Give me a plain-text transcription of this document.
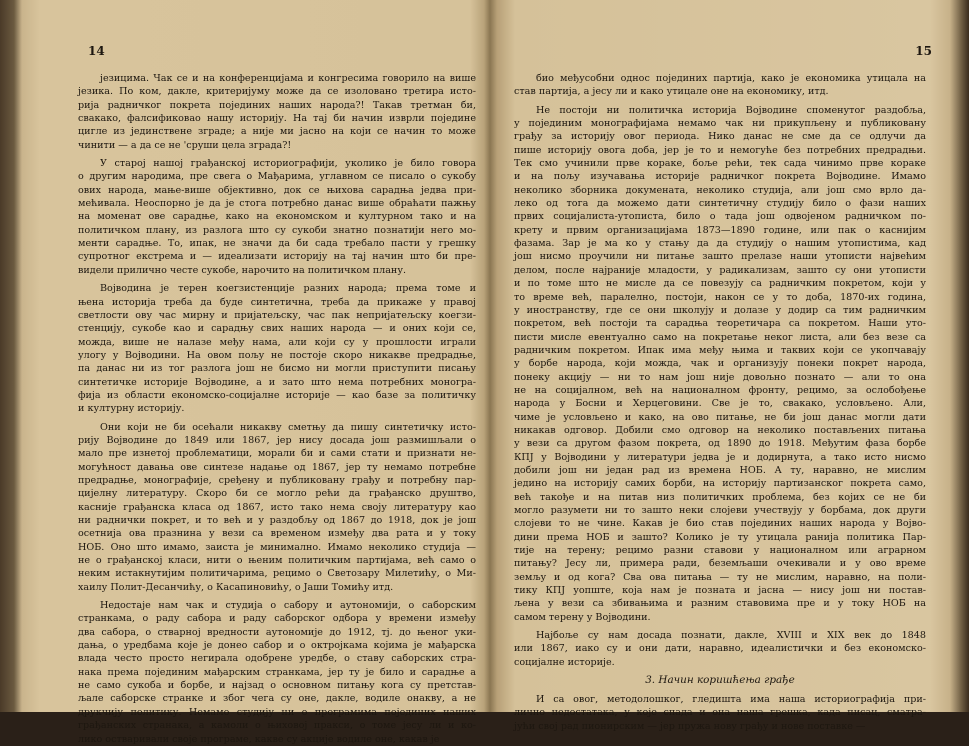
14
језицима. Чак се и на конференцијама и конгресима говорило на више
језика. По ком, дакле, критеријуму може да се изоловано третира исто-
рија радничког покрета појединих наших народа?! Такав третман би,
свакако, фалсификовао нашу историју. На тај би начин изврли поједине
цигле из јединствене зграде; а није ми јасно на који се начин то може
чинити — а да се не 'сруши цела зграда?!
У старој нашој грађанској историографији, уколико је било говора
о другим народима, пре свега о Мађарима, углавном се писало о сукобу
ових народа, мање-више објективно, док се њихова сарадња једва при-
мећивала. Неоспорно је да је стога потребно данас више обраћати пажњу
на моменат ове сарадње, како на економском и културном тако и на
политичком плану, из разлога што су сукоби знатно познатији него мо-
менти сарадње. То, ипак, не значи да би сада требало пасти у грешку
супротног екстрема и — идеализати историју на тај начин што би пре-
видели прилично честе сукобе, нарочито на политичком плану.
Војводина је терен коегзистенције разних народа; према томе и
њена историја треба да буде синтетична, треба да прикаже у правој
светлости ову час мирну и пријатељску, час пак непријатељску коегзи-
стенцију, сукобе као и сарадњу свих наших народа — и оних који се,
можда, више не налазе међу нама, али који су у прошлости играли
улогу у Војводини. На овом пољу не постоје скоро никакве предрадње,
па данас ни из тог разлога још не бисмо ни могли приступити писању
синтетичке историје Војводине, а и зато што нема потребних моногра-
фија из области економско-социјалне историје — као базе за политичку
и културну историју.
Они који не би осећали никакву сметњу да пишу синтетичку исто-
рију Војводине до 1849 или 1867, јер нису досада још размишљали о
мало пре изнетој проблематици, морали би и сами стати и признати не-
могућност давања ове синтезе надање од 1867, јер ту немамо потребне
предрадње, монографије, сређену и публиковану грађу и потребну пар-
цијелну литературу. Скоро би се могло рећи да грађанско друштво,
касније грађанска класа од 1867, исто тако нема своју литературу као
ни раднички покрет, и то већ и у раздобљу од 1867 до 1918, док је још
осетнија ова празнина у вези са временом између два рата и у току
НОБ. Оно што имамо, заиста је минимално. Имамо неколико студија —
не о грађанској класи, нити о њеним политичким партијама, већ само о
неким истакнутијим политичарима, рецимо о Светозару Милетићу, о Ми-
хаилу Полит-Десанчићу, о Касапиновићу, о Јаши Томићу итд.
Недостаје нам чак и студија о сабору и аутономији, о саборским
странкама, о раду сабора и раду саборског одбора у времени између
два сабора, о стварној вредности аутономије до 1912, тј. до њеног уки-
дања, о уредбама које је донео сабор и о октројкама којима је мађарска
влада често просто негирала одобрене уредбе, о ставу саборских стра-
нака према појединим мађарским странкама, јер ту је било и сарадње а
не само сукоба и борбе, и најзад о основном питању кога су претстав-
љале саборске странке и због чега су оне, дакле, водиле онакву, а не
друкчију политику. Немамо студију ни о програмима појединих наших
грађанских странака, а камоли о њиховој пракси, о томе јесу ли и ко-
лико остваривали своје програме, какве су акције водиле оне, какав је
15
био међусобни однос појединих партија, како је економика утицала на
став партија, а јесу ли и како утицале оне на економику, итд.
Не постоји ни политичка историја Војводине споменутог раздобља,
у појединим монографијама немамо чак ни прикупљену и публиковану
грађу за историју овог периода. Нико данас не сме да се одлучи да
пише историју овога доба, јер је то и немогуће без потребних предрадњи.
Тек смо учинили прве кораке, боље рећи, тек сада чинимо прве кораке
и на пољу изучавања историје радничког покрета Војводине. Имамо
неколико зборника докумената, неколико студија, али још смо врло да-
леко од тога да можемо дати синтетичну студију било о фази наших
првих социјалиста-утописта, било о тада још одвојеном радничком по-
крету и првим организацијама 1873—1890 године, или пак о каснијим
фазама. Зар је ма ко у стању да да студију о нашим утопистима, кад
још нисмо проучили ни питање зашто прелазе наши утописти највећим
делом, после најраније младости, у радикализам, зашто су они утописти
и по томе што не мисле да се повезују са радничким покретом, који у
то време већ, паралелно, постоји, након се у то доба, 1870-их година,
у иностранству, где се они школују и долазе у додир са тим радничким
покретом, већ постоји та сарадња теоретичара са покретом. Наши уто-
писти мисле евентуално само на покретање неког листа, али без везе са
радничким покретом. Ипак има међу њима и таквих који се укопчавају
у борбе народа, који можда, чак и организују понеки покрет народа,
понеку акцију — ни то нам још није довољно познато — али то она
не на социјалном, већ на националном фронту, рецимо, за ослобођење
народа у Босни и Херцеговини. Све је то, свакако, условљено. Али,
чиме је условљено и како, на ово питање, не би још данас могли дати
никакав одговор. Добили смо одговор на неколико постављених питања
у вези са другом фазом покрета, од 1890 до 1918. Међутим фаза борбе
КПЈ у Војводини у литератури једва је и додирнута, а тако исто нисмо
добили још ни један рад из времена НОБ. А ту, наравно, не мислим
једино на историју самих борби, на историју партизанског покрета само,
већ такође и на питав низ политичких проблема, без којих се не би
могло разумети ни то зашто неки слојеви учествују у борбама, док други
слојеви то не чине. Какав је био став појединих наших народа у Војво-
дини према НОБ и зашто? Колико је ту утицала ранија политика Пар-
тије на терену; рецимо разни ставови у националном или аграрном
питању? Јесу ли, примера ради, беземљаши очекивали и у ово време
земљу и од кога? Сва ова питања — ту не мислим, наравно, на поли-
тику КПЈ уопште, која нам је позната и јасна — нису још ни постав-
љена у вези са збивањима и разним ставовима пре и у току НОБ на
самом терену у Војводини.
Најбоље су нам досада познати, дакле, XVIII и XIX век до 1848
или 1867, иако су и они дати, наравно, идеалистички и без економско-
социјалне историје.
3. Начин коришћења грађе
И са овог, методолошког, гледишта има наша историографија при-
лично недостатака, у које спада и она наша грешка, када писац, сматра-
јући свој рад пионирским — јер пружа нову грађу и нове поставке —
